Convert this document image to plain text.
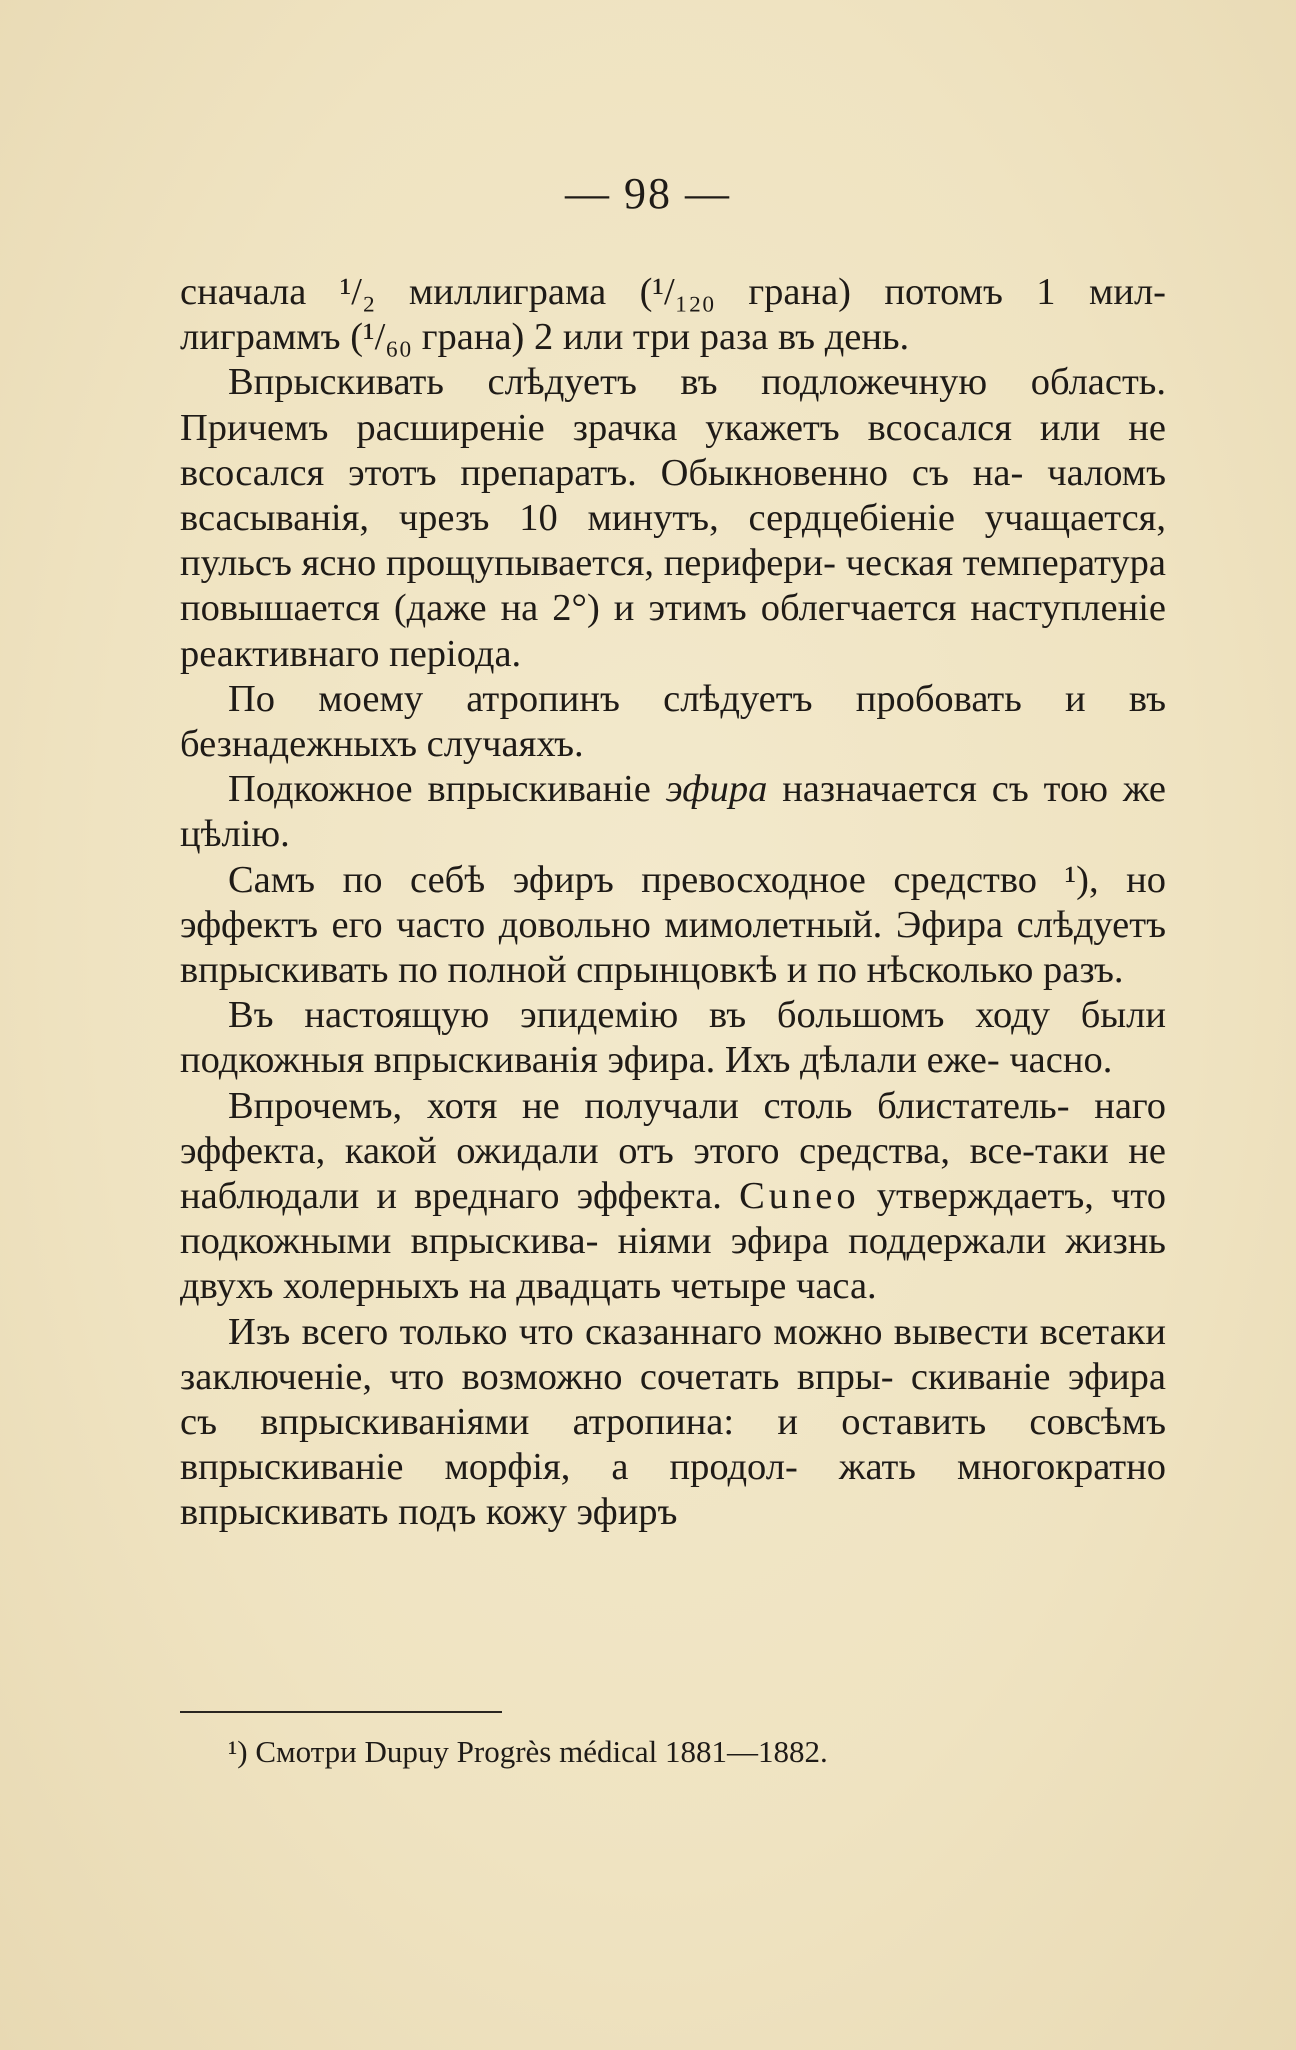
— 98 —

сначала ¹/₂ миллиграма (¹/₁₂₀ грана) потомъ 1 мил- лиграммъ (¹/₆₀ грана) 2 или три раза въ день.

Впрыскивать слѣдуетъ въ подложечную область. Причемъ расширеніе зрачка укажетъ всосался или не всосался этотъ препаратъ. Обыкновенно съ на- чаломъ всасыванія, чрезъ 10 минутъ, сердцебіеніе учащается, пульсъ ясно прощупывается, перифери- ческая температура повышается (даже на 2°) и этимъ облегчается наступленіе реактивнаго періода.

По моему атропинъ слѣдуетъ пробовать и въ безнадежныхъ случаяхъ.

Подкожное впрыскиваніе эфира назначается съ тою же цѣлію.

Самъ по себѣ эфиръ превосходное средство ¹), но эффектъ его часто довольно мимолетный. Эфира слѣдуетъ впрыскивать по полной спрынцовкѣ и по нѣсколько разъ.

Въ настоящую эпидемію въ большомъ ходу были подкожныя впрыскиванія эфира. Ихъ дѣлали еже- часно.

Впрочемъ, хотя не получали столь блистатель- наго эффекта, какой ожидали отъ этого средства, все-таки не наблюдали и вреднаго эффекта. Cuneo утверждаетъ, что подкожными впрыскива- ніями эфира поддержали жизнь двухъ холерныхъ на двадцать четыре часа.

Изъ всего только что сказаннаго можно вывести всетаки заключеніе, что возможно сочетать впры- скиваніе эфира съ впрыскиваніями атропина: и оставить совсѣмъ впрыскиваніе морфія, а продол- жать многократно впрыскивать подъ кожу эфиръ

¹) Смотри Dupuy Progrès médical 1881—1882.
